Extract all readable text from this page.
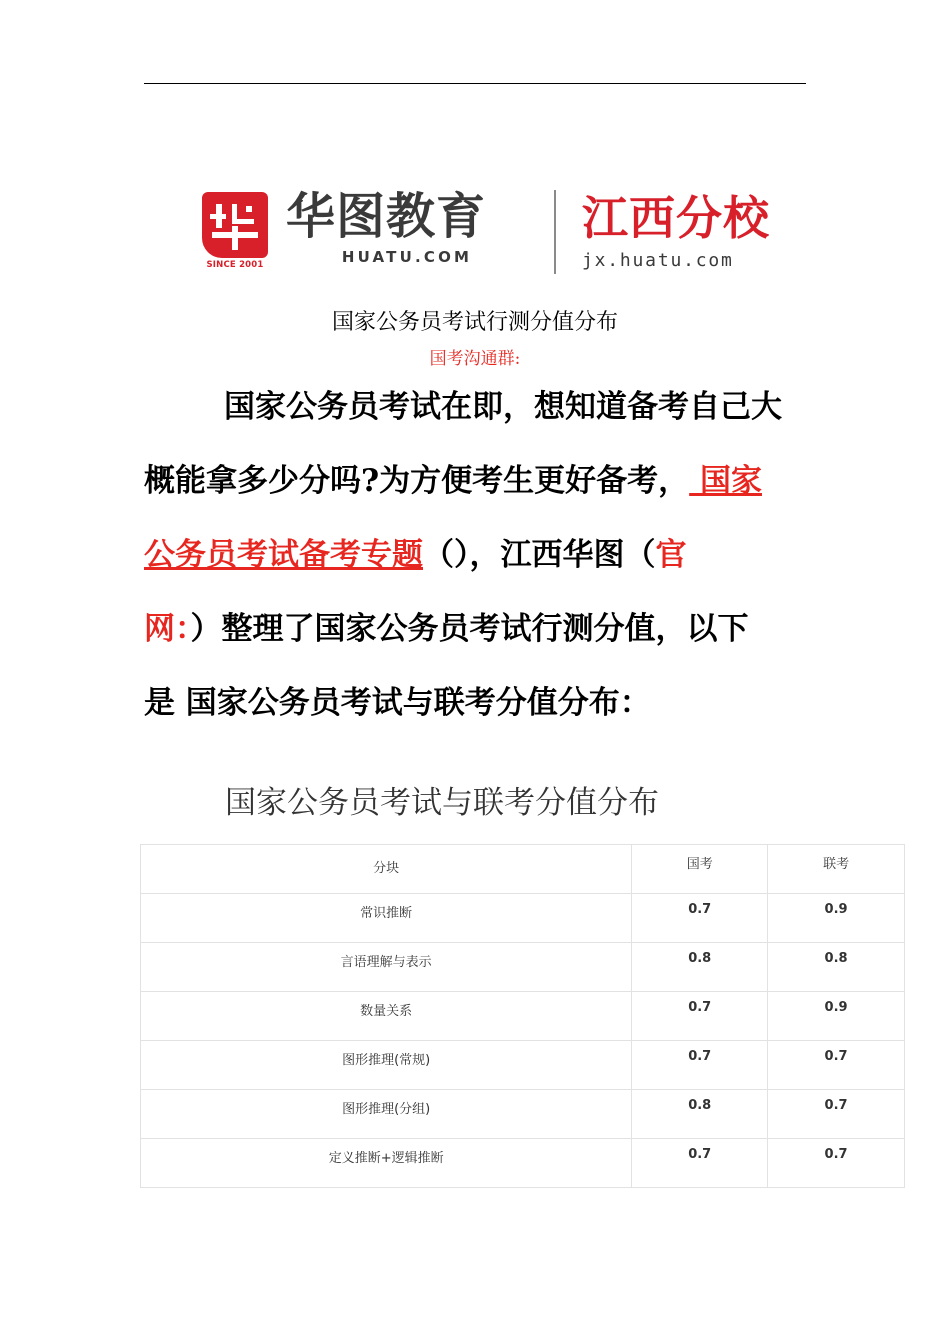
SINCE 2001
华图教育
HUATU.COM
江西分校
jx.huatu.com
国家公务员考试行测分值分布
国考沟通群:
国家公务员考试在即，想知道备考自己大
概能拿多少分吗?为方便考生更好备考， 国家
公务员考试备考专题（），江西华图（官
网：）整理了国家公务员考试行测分值，以下
是 国家公务员考试与联考分值分布：
国家公务员考试与联考分值分布
分块	国考	联考

常识推断	0.7	0.9

言语理解与表示	0.8	0.8

数量关系	0.7	0.9

图形推理(常规)	0.7	0.7

图形推理(分组)	0.8	0.7

定义推断+逻辑推断	0.7	0.7
